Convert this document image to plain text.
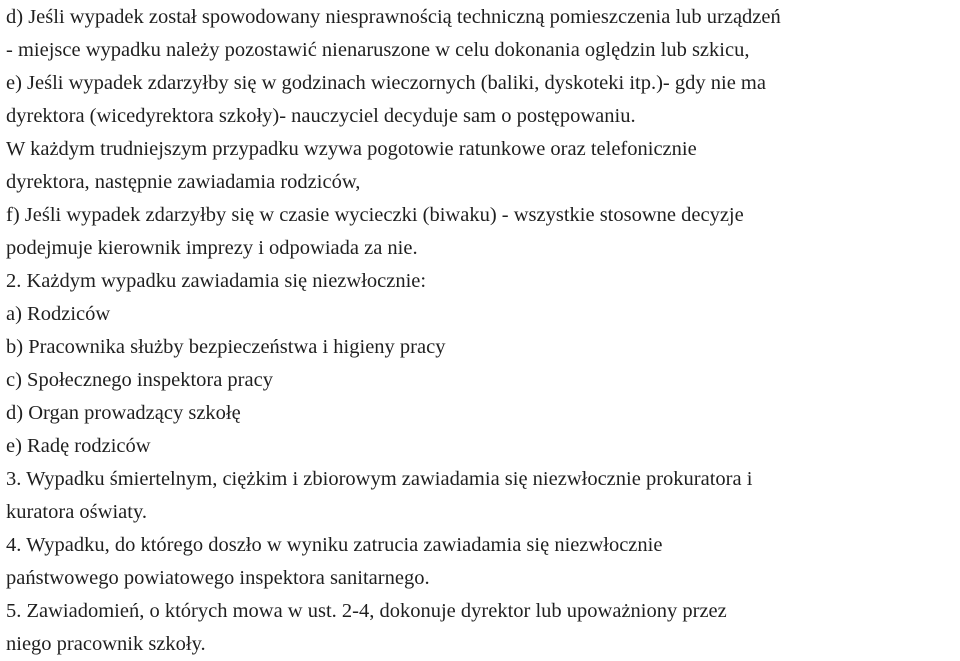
d) Jeśli wypadek został spowodowany niesprawnością techniczną pomieszczenia lub urządzeń
- miejsce wypadku należy pozostawić nienaruszone w celu dokonania oględzin lub szkicu,
e) Jeśli wypadek zdarzyłby się w godzinach wieczornych (baliki, dyskoteki itp.)- gdy nie ma
dyrektora (wicedyrektora szkoły)- nauczyciel decyduje sam o postępowaniu.
W każdym trudniejszym przypadku wzywa pogotowie ratunkowe oraz telefonicznie
dyrektora, następnie zawiadamia rodziców,
f) Jeśli wypadek zdarzyłby się w czasie wycieczki (biwaku) - wszystkie stosowne decyzje
podejmuje kierownik imprezy i odpowiada za nie.
2. Każdym wypadku zawiadamia się niezwłocznie:
a) Rodziców
b) Pracownika służby bezpieczeństwa i higieny pracy
c) Społecznego inspektora pracy
d) Organ prowadzący szkołę
e) Radę rodziców
3. Wypadku śmiertelnym, ciężkim i zbiorowym zawiadamia się niezwłocznie prokuratora i
kuratora oświaty.
4. Wypadku, do którego doszło w wyniku zatrucia zawiadamia się niezwłocznie
państwowego powiatowego inspektora sanitarnego.
5. Zawiadomień, o których mowa w ust. 2-4, dokonuje dyrektor lub upoważniony przez
niego pracownik szkoły.
